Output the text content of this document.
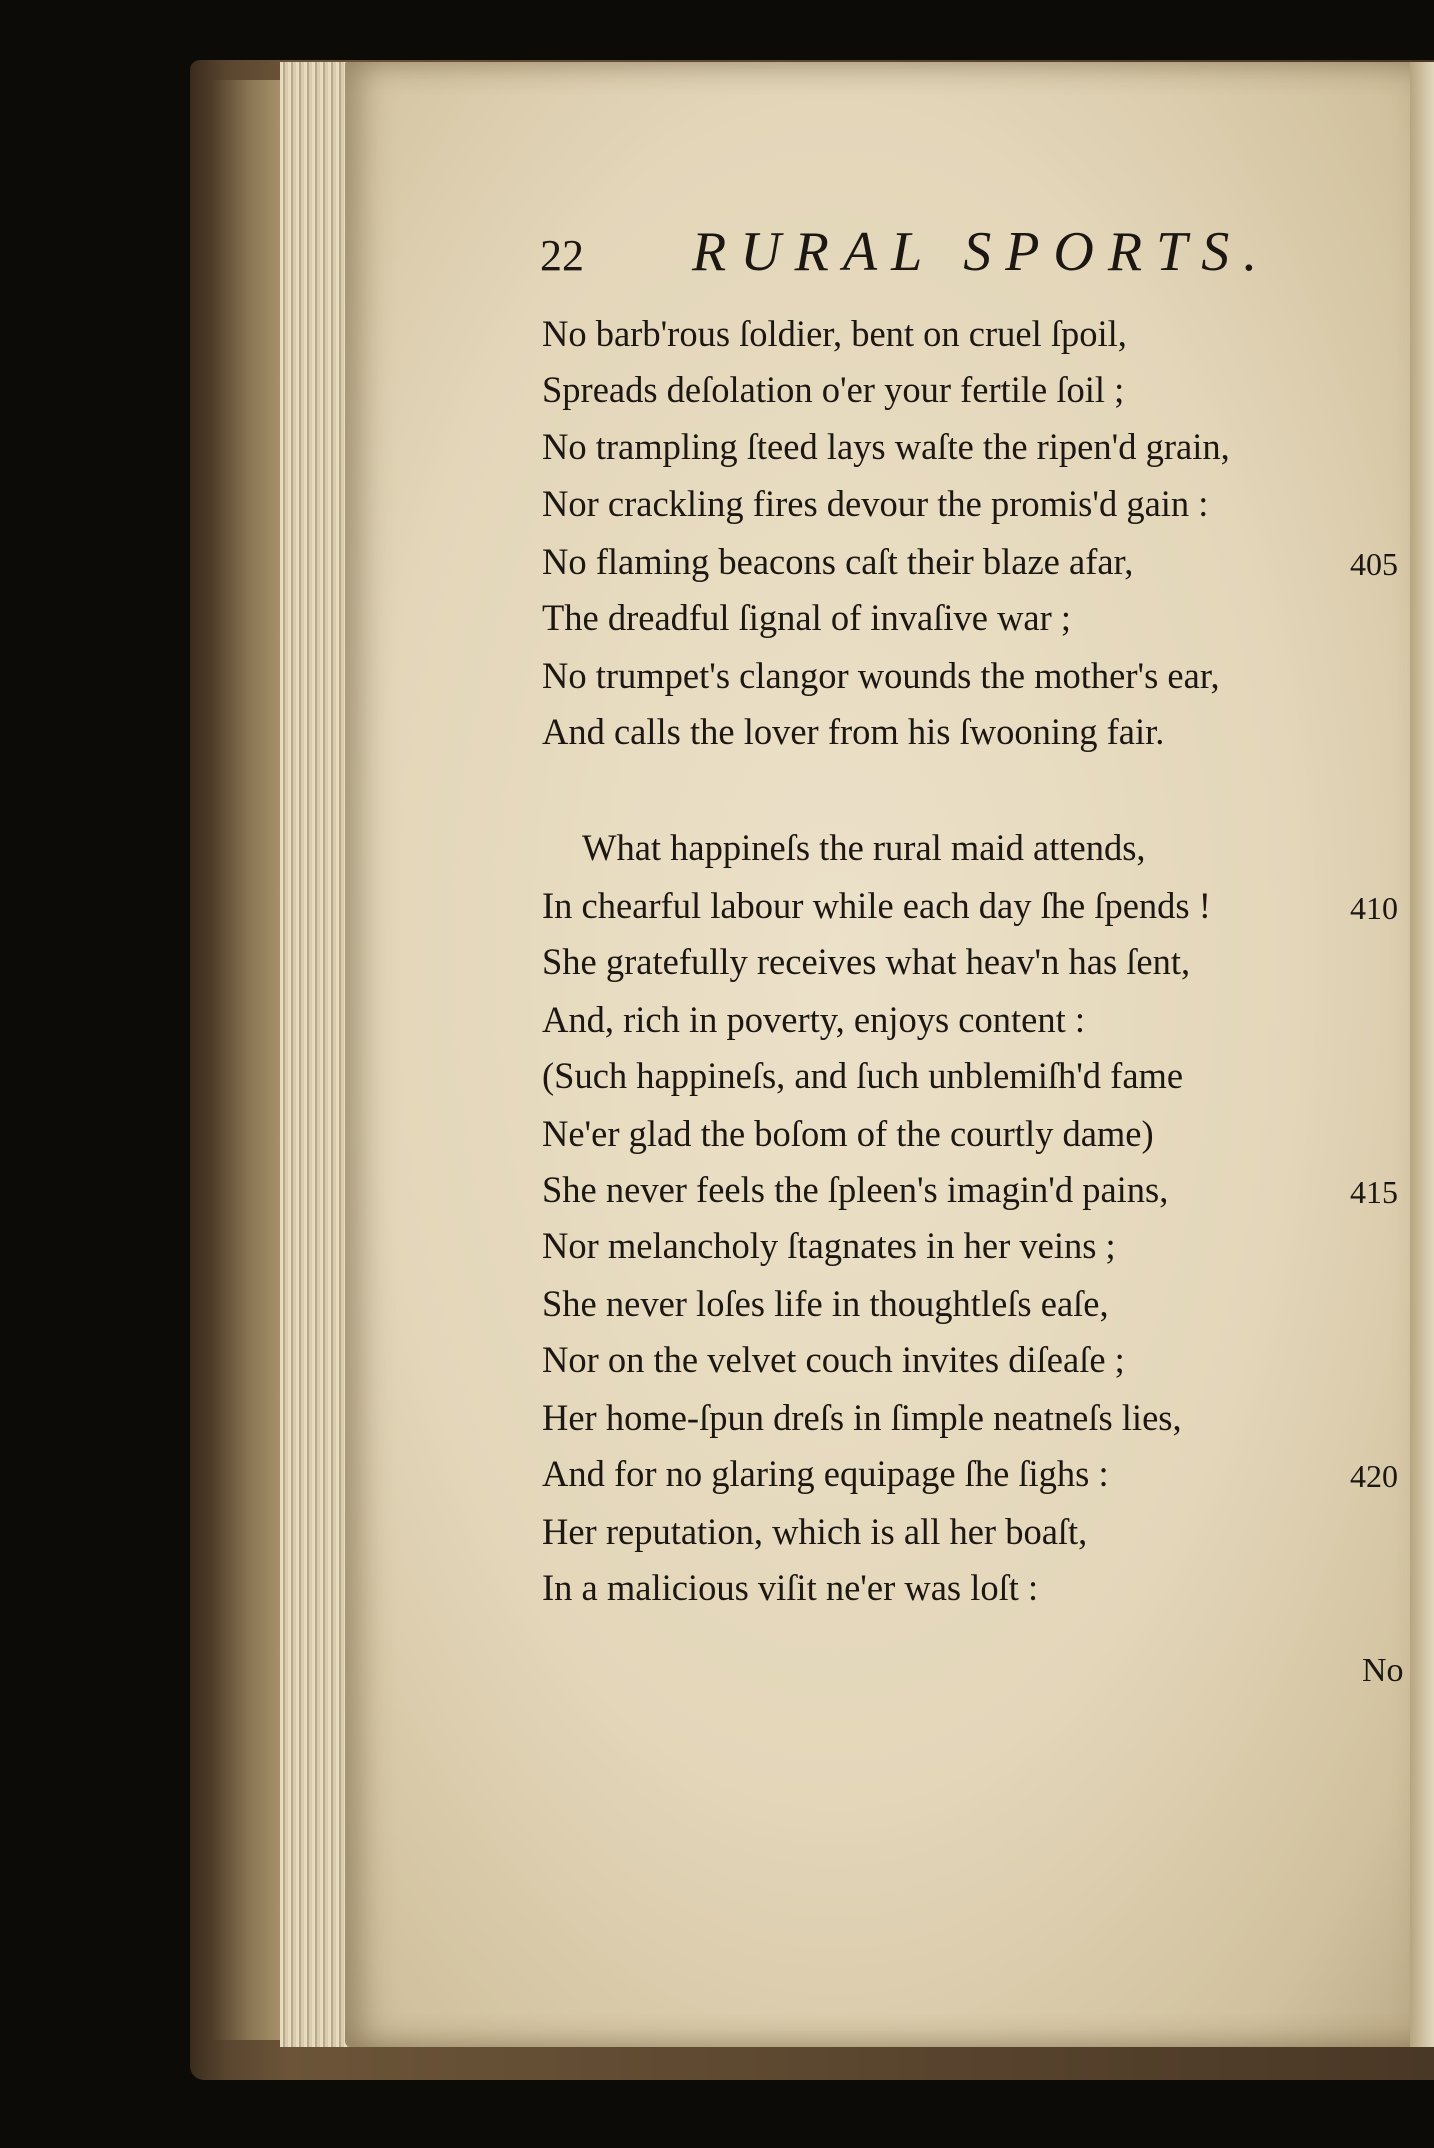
22 RURAL SPORTS.
No barb'rous ſoldier, bent on cruel ſpoil,
Spreads deſolation o'er your fertile ſoil ;
No trampling ſteed lays waſte the ripen'd grain,
Nor crackling fires devour the promis'd gain :
No flaming beacons caſt their blaze afar,
The dreadful ſignal of invaſive war ;
No trumpet's clangor wounds the mother's ear,
And calls the lover from his ſwooning fair.
What happineſs the rural maid attends,
In chearful labour while each day ſhe ſpends !
She gratefully receives what heav'n has ſent,
And, rich in poverty, enjoys content :
(Such happineſs, and ſuch unblemiſh'd fame
Ne'er glad the boſom of the courtly dame)
She never feels the ſpleen's imagin'd pains,
Nor melancholy ſtagnates in her veins ;
She never loſes life in thoughtleſs eaſe,
Nor on the velvet couch invites diſeaſe ;
Her home-ſpun dreſs in ſimple neatneſs lies,
And for no glaring equipage ſhe ſighs :
Her reputation, which is all her boaſt,
In a malicious viſit ne'er was loſt :
405
410
415
420
No
